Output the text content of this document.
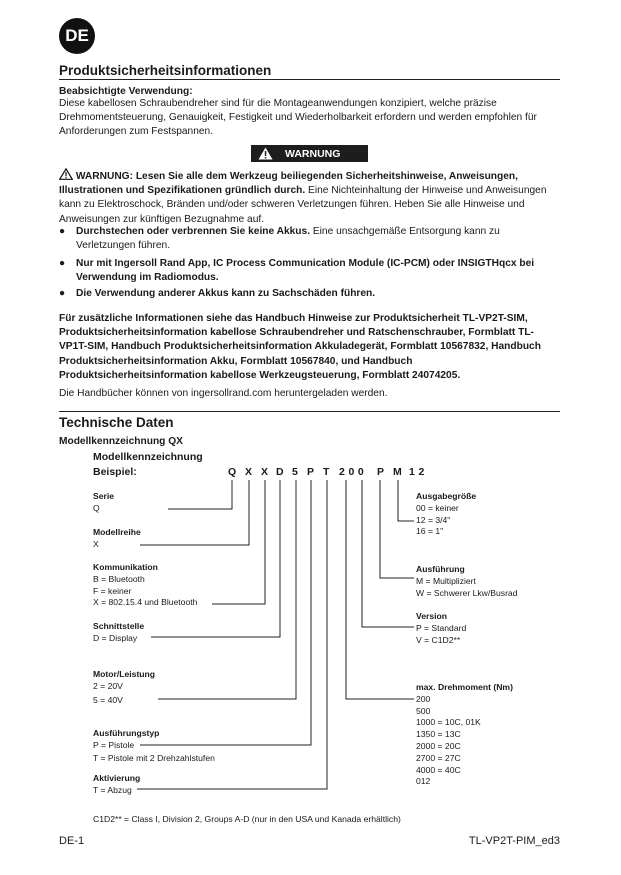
DE
Produktsicherheitsinformationen
Beabsichtigte Verwendung:
Diese kabellosen Schraubendreher sind für die Montageanwendungen konzipiert, welche präzise Drehmomentsteuerung, Genauigkeit, Festigkeit und Wiederholbarkeit erfordern und werden empfohlen für Anforderungen zum Festspannen.
WARNUNG
WARNUNG: Lesen Sie alle dem Werkzeug beiliegenden Sicherheitshinweise, Anweisungen, Illustrationen und Spezifikationen gründlich durch. Eine Nichteinhaltung der Hinweise und Anweisungen kann zu Elektroschock, Bränden und/oder schweren Verletzungen führen. Heben Sie alle Hinweise und Anweisungen zur künftigen Bezugnahme auf.
● Durchstechen oder verbrennen Sie keine Akkus. Eine unsachgemäße Entsorgung kann zu Verletzungen führen.
● Nur mit Ingersoll Rand App, IC Process Communication Module (IC-PCM) oder INSIGTHqcx bei Verwendung im Radiomodus.
● Die Verwendung anderer Akkus kann zu Sachschäden führen.
Für zusätzliche Informationen siehe das Handbuch Hinweise zur Produktsicherheit TL-VP2T-SIM, Produktsicherheitsinformation kabellose Schraubendreher und Ratschenschrauber, Formblatt TL-VP1T-SIM, Handbuch Produktsicherheitsinformation Akkuladegerät, Formblatt 10567832, Handbuch Produktsicherheitsinformation Akku, Formblatt 10567840, und Handbuch Produktsicherheitsinformation kabellose Werkzeugsteuerung, Formblatt 24074205.
Die Handbücher können von ingersollrand.com heruntergeladen werden.
Technische Daten
Modellkennzeichnung QX
Modellkennzeichnung
Beispiel:	Q X X D 5 P T 200 P M 12
Serie
Q
Modellreihe
X
Kommunikation
B = Bluetooth
F = keiner
X = 802.15.4 und Bluetooth
Schnittstelle
D = Display
Motor/Leistung
2 = 20V
5 = 40V
Ausführungstyp
P = Pistole
T = Pistole mit 2 Drehzahlstufen
Aktivierung
T = Abzug
Ausgabegröße
00 = keiner
12 = 3/4"
16 = 1"
Ausführung
M = Multipliziert
W = Schwerer Lkw/Busrad
Version
P = Standard
V = C1D2**
max. Drehmoment (Nm)
200
500
1000 = 10C, 01K
1350 = 13C
2000 = 20C
2700 = 27C
4000 = 40C
012
C1D2** = Class I, Division 2, Groups A-D (nur in den USA und Kanada erhältlich)
DE-1	TL-VP2T-PIM_ed3
